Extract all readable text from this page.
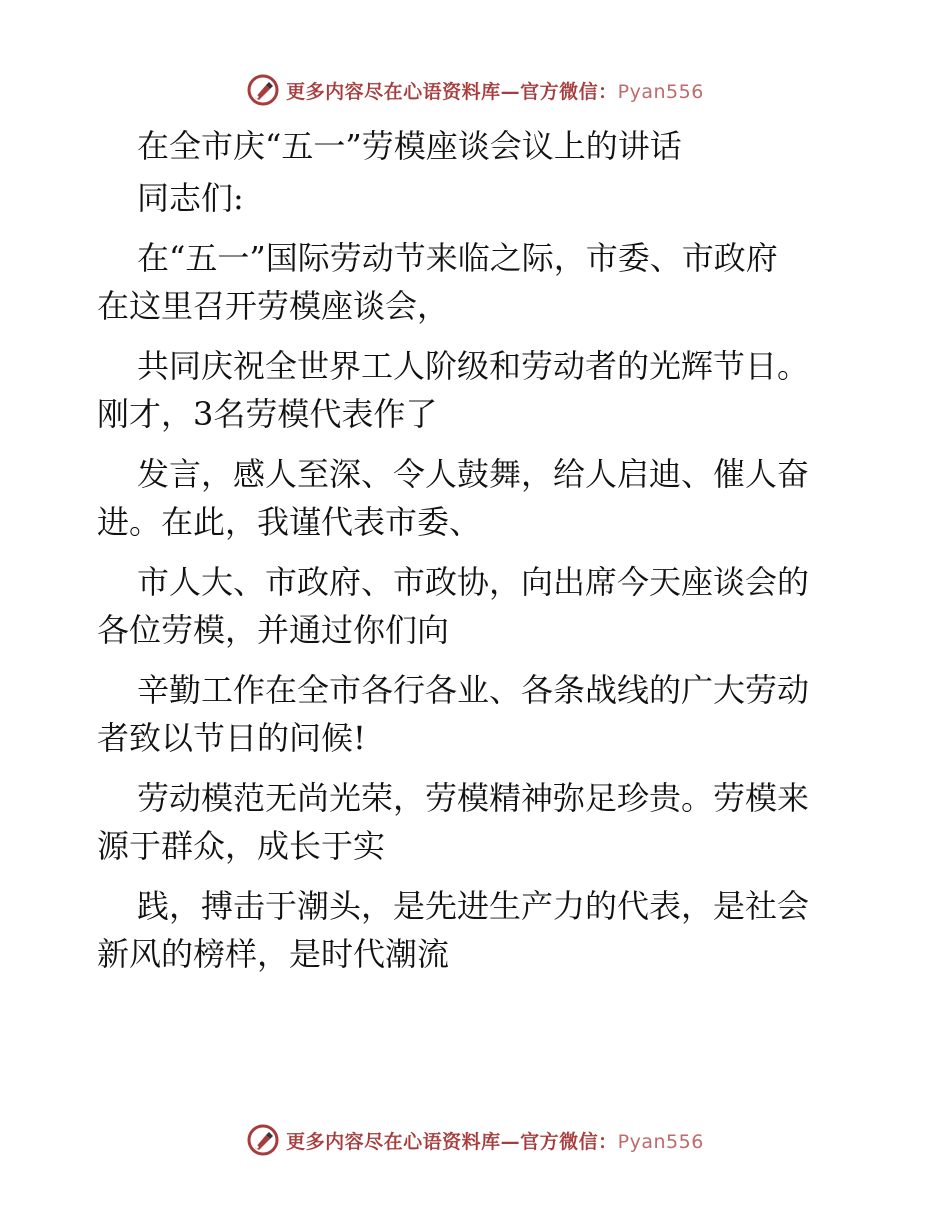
更多内容尽在心语资料库—官方微信：Pyan556
在全市庆“五一”劳模座谈会议上的讲话
同志们:
在“五一”国际劳动节来临之际，市委、市政府
在这里召开劳模座谈会，
共同庆祝全世界工人阶级和劳动者的光辉节日。
刚才，3名劳模代表作了
发言，感人至深、令人鼓舞，给人启迪、催人奋
进。在此，我谨代表市委、
市人大、市政府、市政协，向出席今天座谈会的
各位劳模，并通过你们向
辛勤工作在全市各行各业、各条战线的广大劳动
者致以节日的问候!
劳动模范无尚光荣，劳模精神弥足珍贵。劳模来
源于群众，成长于实
践，搏击于潮头，是先进生产力的代表，是社会
新风的榜样，是时代潮流
更多内容尽在心语资料库—官方微信：Pyan556
